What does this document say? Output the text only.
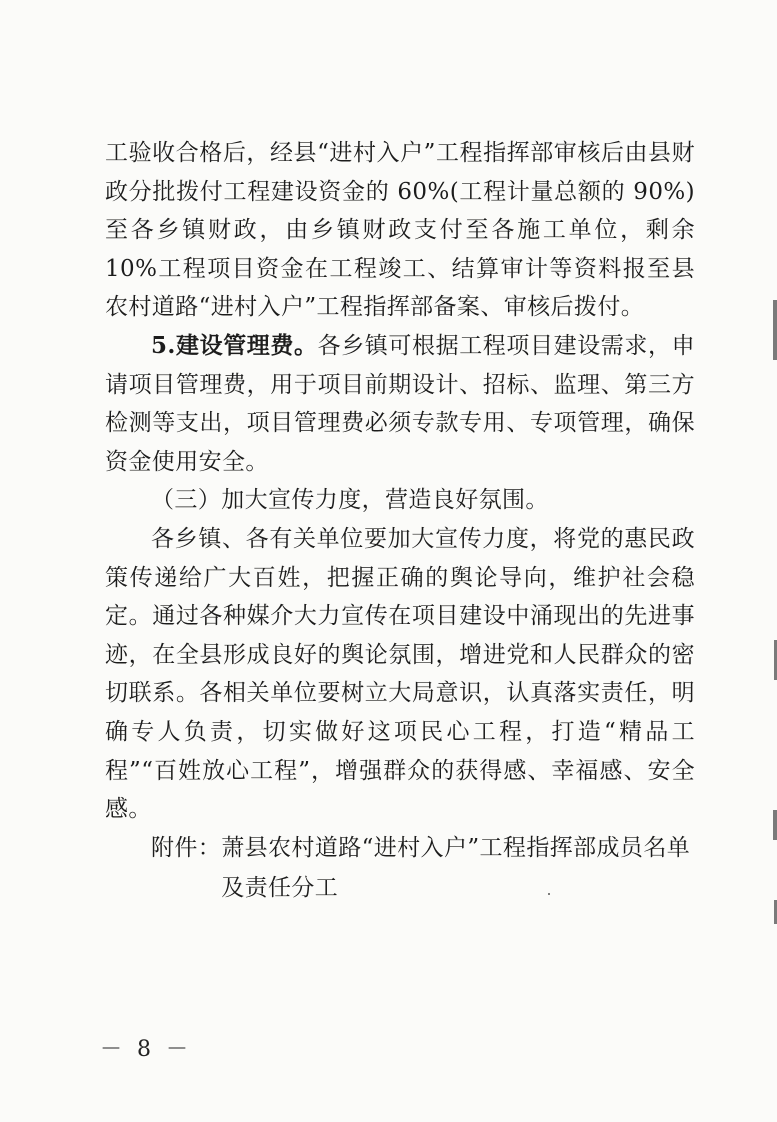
工验收合格后，经县“进村入户”工程指挥部审核后由县财政分批拨付工程建设资金的 60%(工程计量总额的 90%)至各乡镇财政，由乡镇财政支付至各施工单位，剩余 10%工程项目资金在工程竣工、结算审计等资料报至县农村道路“进村入户”工程指挥部备案、审核后拨付。

5.建设管理费。各乡镇可根据工程项目建设需求，申请项目管理费，用于项目前期设计、招标、监理、第三方检测等支出，项目管理费必须专款专用、专项管理，确保资金使用安全。

（三）加大宣传力度，营造良好氛围。

各乡镇、各有关单位要加大宣传力度，将党的惠民政策传递给广大百姓，把握正确的舆论导向，维护社会稳定。通过各种媒介大力宣传在项目建设中涌现出的先进事迹，在全县形成良好的舆论氛围，增进党和人民群众的密切联系。各相关单位要树立大局意识，认真落实责任，明确专人负责，切实做好这项民心工程，打造“精品工程”“百姓放心工程”，增强群众的获得感、幸福感、安全感。

附件： 萧县农村道路“进村入户”工程指挥部成员名单及责任分工
－ 8 －
